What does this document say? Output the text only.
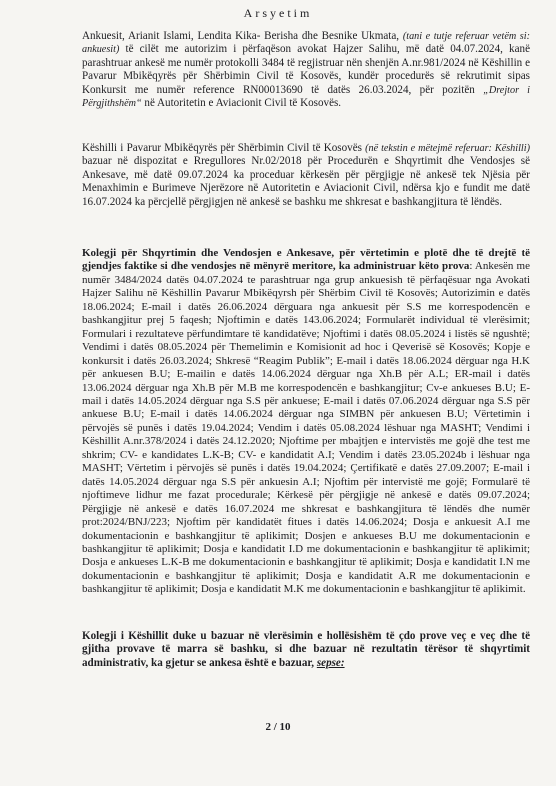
Arsyetim

Ankuesit, Arianit Islami, Lendita Kika- Berisha dhe Besnike Ukmata, (tani e tutje referuar vetëm si: ankuesit) të cilët me autorizim i përfaqëson avokat Hajzer Salihu, më datë 04.07.2024, kanë parashtruar ankesë me numër protokolli 3484 të regjistruar nën shenjën A.nr.981/2024 në Këshillin e Pavarur Mbikëqyrës për Shërbimin Civil të Kosovës, kundër procedurës së rekrutimit sipas Konkursit me numër reference RN00013690 të datës 26.03.2024, për pozitën „Drejtor i Përgjithshëm“ në Autoritetin e Aviacionit Civil të Kosovës.

Këshilli i Pavarur Mbikëqyrës për Shërbimin Civil të Kosovës (në tekstin e mëtejmë referuar: Këshilli) bazuar në dispozitat e Rregullores Nr.02/2018 për Procedurën e Shqyrtimit dhe Vendosjes së Ankesave, më datë 09.07.2024 ka proceduar kërkesën për përgjigje në ankesë tek Njësia për Menaxhimin e Burimeve Njerëzore në Autoritetin e Aviacionit Civil, ndërsa kjo e fundit me datë 16.07.2024 ka përcjellë përgjigjen në ankesë se bashku me shkresat e bashkangjitura të lëndës.

Kolegji për Shqyrtimin dhe Vendosjen e Ankesave, për vërtetimin e plotë dhe të drejtë të gjendjes faktike si dhe vendosjes në mënyrë meritore, ka administruar këto prova: Ankesën me numër 3484/2024 datës 04.07.2024 te parashtruar nga grup ankuesish të përfaqësuar nga Avokati Hajzer Salihu në Këshillin Pavarur Mbikëqyrsh për Shërbim Civil të Kosovës; Autorizimin e datës 18.06.2024; E-mail i datës 26.06.2024 dërguara nga ankuesit për S.S me korrespodencën e bashkangjitur prej 5 faqesh; Njoftimin e datës 143.06.2024; Formularët individual të vlerësimit; Formulari i rezultateve përfundimtare të kandidatëve; Njoftimi i datës 08.05.2024 i listës së ngushtë; Vendimi i datës 08.05.2024 për Themelimin e Komisionit ad hoc i Qeverisë së Kosovës; Kopje e konkursit i datës 26.03.2024; Shkresë “Reagim Publik”; E-mail i datës 18.06.2024 dërguar nga H.K për ankuesen B.U; E-mailin e datës 14.06.2024 dërguar nga Xh.B për A.L; ER-mail i datës 13.06.2024 dërguar nga Xh.B për M.B me korrespodencën e bashkangjitur; Cv-e ankueses B.U; E-mail i datës 14.05.2024 dërguar nga S.S për ankuese; E-mail i datës 07.06.2024 dërguar nga S.S për ankuese B.U; E-mail i datës 14.06.2024 dërguar nga SIMBN për ankuesen B.U; Vërtetimin i përvojës së punës i datës 19.04.2024; Vendim i datës 05.08.2024 lëshuar nga MASHT; Vendimi i Këshillit A.nr.378/2024 i datës 24.12.2020; Njoftime per mbajtjen e intervistës me gojë dhe test me shkrim; CV- e kandidates L.K-B; CV- e kandidatit A.I; Vendim i datës 23.05.2024b i lëshuar nga MASHT; Vërtetim i përvojës së punës i datës 19.04.2024; Çertifikatë e datës 27.09.2007; E-mail i datës 14.05.2024 dërguar nga S.S për ankuesin A.I; Njoftim për intervistë me gojë; Formularë të njoftimeve lidhur me fazat procedurale; Kërkesë për përgjigje në ankesë e datës 09.07.2024; Përgjigje në ankesë e datës 16.07.2024 me shkresat e bashkangjitura të lëndës dhe numër prot:2024/BNJ/223; Njoftim për kandidatët fitues i datës 14.06.2024; Dosja e ankuesit A.I me dokumentacionin e bashkangjitur të aplikimit; Dosjen e ankueses B.U me dokumentacionin e bashkangjitur të aplikimit; Dosja e kandidatit I.D me dokumentacionin e bashkangjitur të aplikimit; Dosja e ankueses L.K-B me dokumentacionin e bashkangjitur të aplikimit; Dosja e kandidatit I.N me dokumentacionin e bashkangjitur të aplikimit; Dosja e kandidatit A.R me dokumentacionin e bashkangjitur të aplikimit; Dosja e kandidatit M.K me dokumentacionin e bashkangjitur të aplikimit.

Kolegji i Këshillit duke u bazuar në vlerësimin e hollësishëm të çdo prove veç e veç dhe të gjitha provave të marra së bashku, si dhe bazuar në rezultatin tërësor të shqyrtimit administrativ, ka gjetur se ankesa është e bazuar, sepse:

2 / 10
